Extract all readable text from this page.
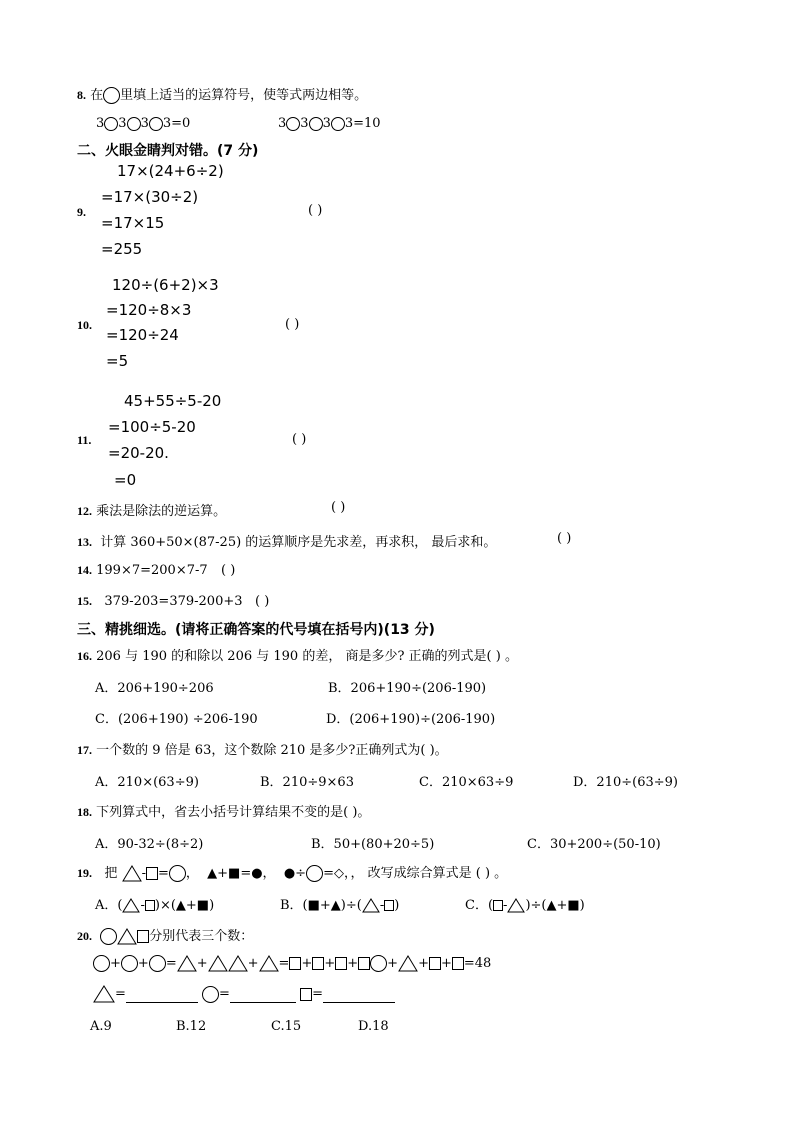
8. 在 里填上适当的运算符号，使等式两边相等。
3 3 3 3=0	3 3 3 3=10
二、火眼金睛判对错。(7 分)
17×(24+6÷2)
=17×(30÷2)
9.
=17×15
=255
( )
120÷(6+2)×3
=120÷8×3
10.
=120÷24
=5
( )
45+55÷5-20
=100÷5-20
11.
=20-20.
=0
( )
12. 乘法是除法的逆运算。	( )
13. 计算 360+50×(87-25) 的运算顺序是先求差，再求积， 最后求和。	( )
14. 199×7=200×7-7 ( )
15. 379-203=379-200+3 ( )
三、精挑细选。(请将正确答案的代号填在括号内)(13 分)
16. 206 与 190 的和除以 206 与 190 的差， 商是多少? 正确的列式是( ) 。
A．206+190÷206	B．206+190÷(206-190)
C．(206+190) ÷206-190	D．(206+190)÷(206-190)
17. 一个数的 9 倍是 63，这个数除 210 是多少?正确列式为( )。
A．210×(63÷9)	B．210÷9×63	C．210×63÷9	D．210÷(63÷9)
18. 下列算式中，省去小括号计算结果不变的是( )。
A．90-32÷(8÷2)	B．50+(80+20÷5)	C．30+200÷(50-10)
19. 把 - = ，  ▲+■=●， ●÷ =◇，， 改写成综合算式是 ( ) 。
A．( - )×(▲+■)	B．(■+▲)÷( - )	C．( - )÷(▲+■)
20.	分别代表三个数：
+ + = +	+ = + + + + + + =48
=	=	=
A.9	B.12	C.15	D.18
